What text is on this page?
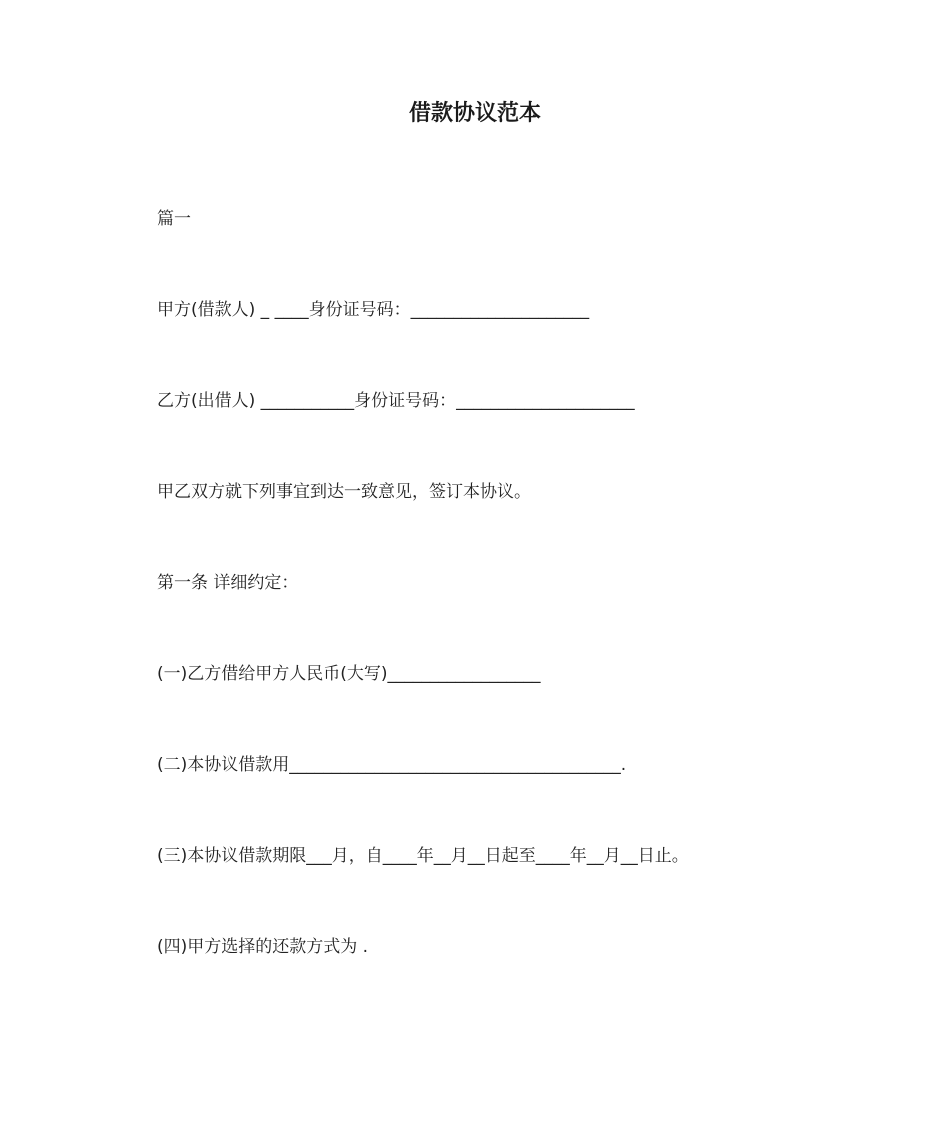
借款协议范本
篇一
甲方(借款人) _ ____身份证号码：_____________________
乙方(出借人) ___________身份证号码：_____________________
甲乙双方就下列事宜到达一致意见，签订本协议。
第一条 详细约定：
(一)乙方借给甲方人民币(大写)__________________
(二)本协议借款用_______________________________________.
(三)本协议借款期限___月，自____年__月__日起至____年__月__日止。
(四)甲方选择的还款方式为 .
